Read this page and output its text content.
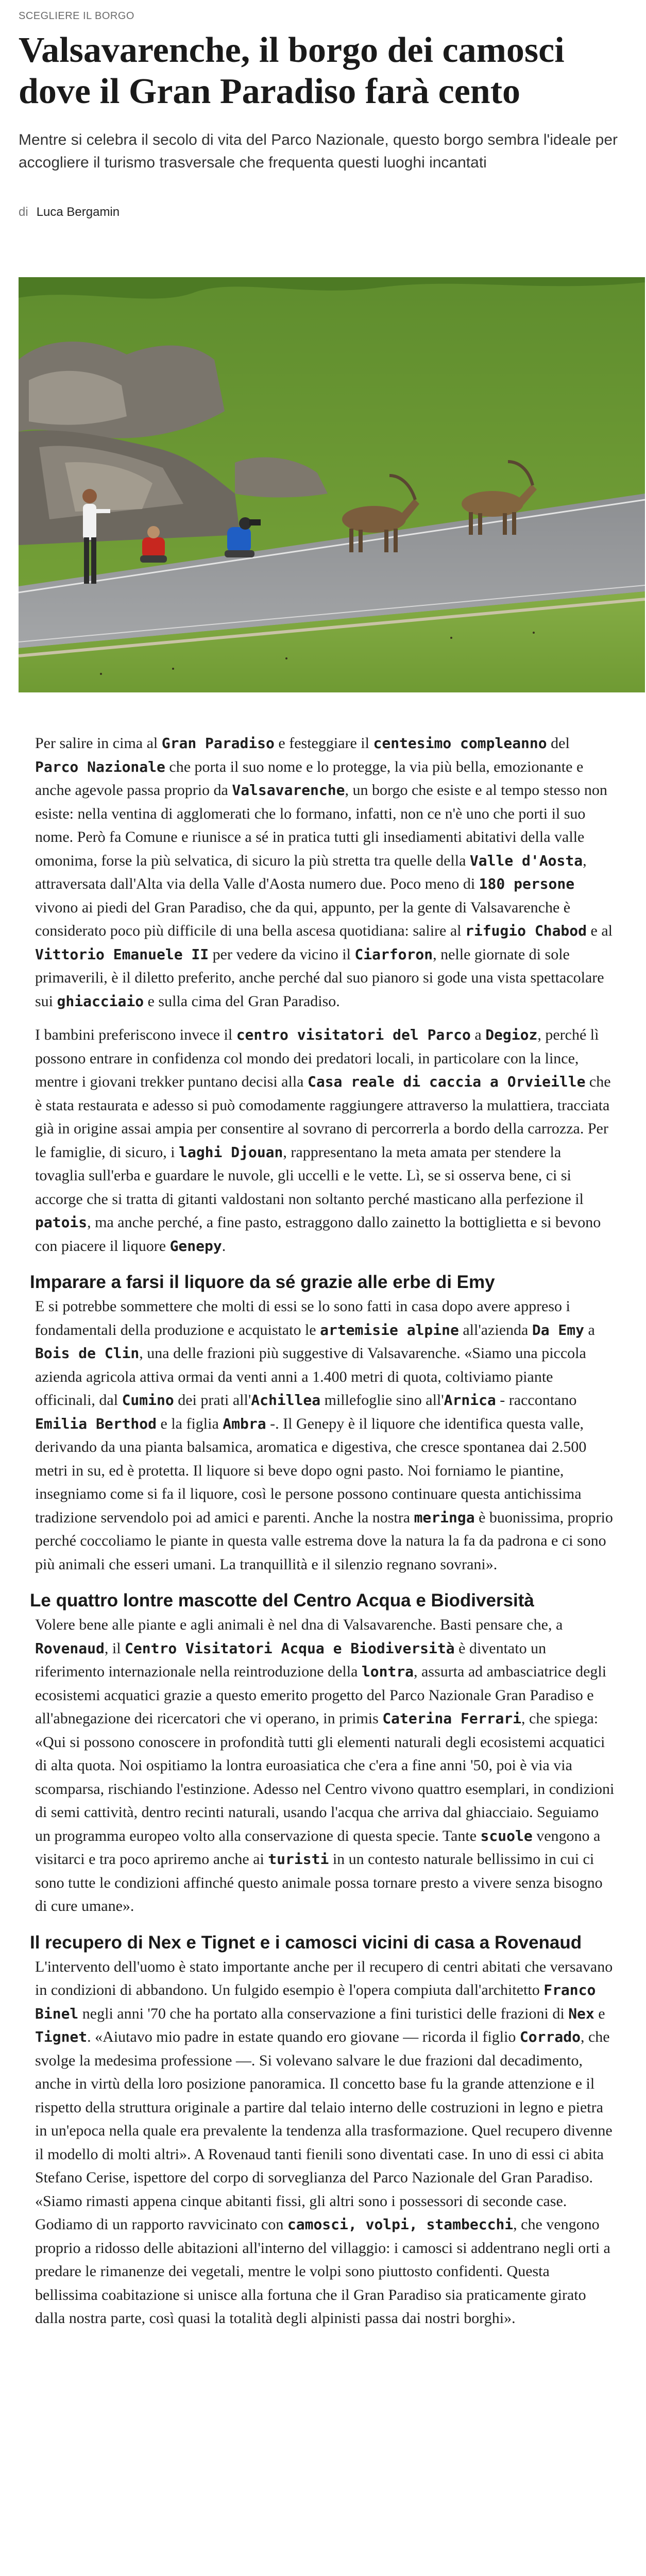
SCEGLIERE IL BORGO
Valsavarenche, il borgo dei camosci dove il Gran Paradiso farà cento

Mentre si celebra il secolo di vita del Parco Nazionale, questo borgo sembra l'ideale per accogliere il turismo trasversale che frequenta questi luoghi incantati

di Luca Bergamin

Per salire in cima al Gran Paradiso e festeggiare il centesimo compleanno del Parco Nazionale che porta il suo nome e lo protegge, la via più bella, emozionante e anche agevole passa proprio da Valsavarenche, un borgo che esiste e al tempo stesso non esiste: nella ventina di agglomerati che lo formano, infatti, non ce n'è uno che porti il suo nome. Però fa Comune e riunisce a sé in pratica tutti gli insediamenti abitativi della valle omonima, forse la più selvatica, di sicuro la più stretta tra quelle della Valle d'Aosta, attraversata dall'Alta via della Valle d'Aosta numero due. Poco meno di 180 persone vivono ai piedi del Gran Paradiso, che da qui, appunto, per la gente di Valsavarenche è considerato poco più difficile di una bella ascesa quotidiana: salire al rifugio Chabod e al Vittorio Emanuele II per vedere da vicino il Ciarforon, nelle giornate di sole primaverili, è il diletto preferito, anche perché dal suo pianoro si gode una vista spettacolare sui ghiacciaio e sulla cima del Gran Paradiso.

I bambini preferiscono invece il centro visitatori del Parco a Degioz, perché lì possono entrare in confidenza col mondo dei predatori locali, in particolare con la lince, mentre i giovani trekker puntano decisi alla Casa reale di caccia a Orvieille che è stata restaurata e adesso si può comodamente raggiungere attraverso la mulattiera, tracciata già in origine assai ampia per consentire al sovrano di percorrerla a bordo della carrozza. Per le famiglie, di sicuro, i laghi Djouan, rappresentano la meta amata per stendere la tovaglia sull'erba e guardare le nuvole, gli uccelli e le vette. Lì, se si osserva bene, ci si accorge che si tratta di gitanti valdostani non soltanto perché masticano alla perfezione il patois, ma anche perché, a fine pasto, estraggono dallo zainetto la bottiglietta e si bevono con piacere il liquore Genepy.

Imparare a farsi il liquore da sé grazie alle erbe di Emy

E si potrebbe sommettere che molti di essi se lo sono fatti in casa dopo avere appreso i fondamentali della produzione e acquistato le artemisie alpine all'azienda Da Emy a Bois de Clin, una delle frazioni più suggestive di Valsavarenche. «Siamo una piccola azienda agricola attiva ormai da venti anni a 1.400 metri di quota, coltiviamo piante officinali, dal Cumino dei prati all'Achillea millefoglie sino all'Arnica - raccontano Emilia Berthod e la figlia Ambra -. Il Genepy è il liquore che identifica questa valle, derivando da una pianta balsamica, aromatica e digestiva, che cresce spontanea dai 2.500 metri in su, ed è protetta. Il liquore si beve dopo ogni pasto. Noi forniamo le piantine, insegniamo come si fa il liquore, così le persone possono continuare questa antichissima tradizione servendolo poi ad amici e parenti. Anche la nostra meringa è buonissima, proprio perché coccoliamo le piante in questa valle estrema dove la natura la fa da padrona e ci sono più animali che esseri umani. La tranquillità e il silenzio regnano sovrani».

Le quattro lontre mascotte del Centro Acqua e Biodiversità

Volere bene alle piante e agli animali è nel dna di Valsavarenche. Basti pensare che, a Rovenaud, il Centro Visitatori Acqua e Biodiversità è diventato un riferimento internazionale nella reintroduzione della lontra, assurta ad ambasciatrice degli ecosistemi acquatici grazie a questo emerito progetto del Parco Nazionale Gran Paradiso e all'abnegazione dei ricercatori che vi operano, in primis Caterina Ferrari, che spiega: «Qui si possono conoscere in profondità tutti gli elementi naturali degli ecosistemi acquatici di alta quota. Noi ospitiamo la lontra euroasiatica che c'era a fine anni '50, poi è via via scomparsa, rischiando l'estinzione. Adesso nel Centro vivono quattro esemplari, in condizioni di semi cattività, dentro recinti naturali, usando l'acqua che arriva dal ghiacciaio. Seguiamo un programma europeo volto alla conservazione di questa specie. Tante scuole vengono a visitarci e tra poco apriremo anche ai turisti in un contesto naturale bellissimo in cui ci sono tutte le condizioni affinché questo animale possa tornare presto a vivere senza bisogno di cure umane».

Il recupero di Nex e Tignet e i camosci vicini di casa a Rovenaud

L'intervento dell'uomo è stato importante anche per il recupero di centri abitati che versavano in condizioni di abbandono. Un fulgido esempio è l'opera compiuta dall'architetto Franco Binel negli anni '70 che ha portato alla conservazione a fini turistici delle frazioni di Nex e Tignet. «Aiutavo mio padre in estate quando ero giovane — ricorda il figlio Corrado, che svolge la medesima professione —. Si volevano salvare le due frazioni dal decadimento, anche in virtù della loro posizione panoramica. Il concetto base fu la grande attenzione e il rispetto della struttura originale a partire dal telaio interno delle costruzioni in legno e pietra in un'epoca nella quale era prevalente la tendenza alla trasformazione. Quel recupero divenne il modello di molti altri». A Rovenaud tanti fienili sono diventati case. In uno di essi ci abita Stefano Cerise, ispettore del corpo di sorveglianza del Parco Nazionale del Gran Paradiso. «Siamo rimasti appena cinque abitanti fissi, gli altri sono i possessori di seconde case. Godiamo di un rapporto ravvicinato con camosci, volpi, stambecchi, che vengono proprio a ridosso delle abitazioni all'interno del villaggio: i camosci si addentrano negli orti a predare le rimanenze dei vegetali, mentre le volpi sono piuttosto confidenti. Questa bellissima coabitazione si unisce alla fortuna che il Gran Paradiso sia praticamente girato dalla nostra parte, così quasi la totalità degli alpinisti passa dai nostri borghi».
